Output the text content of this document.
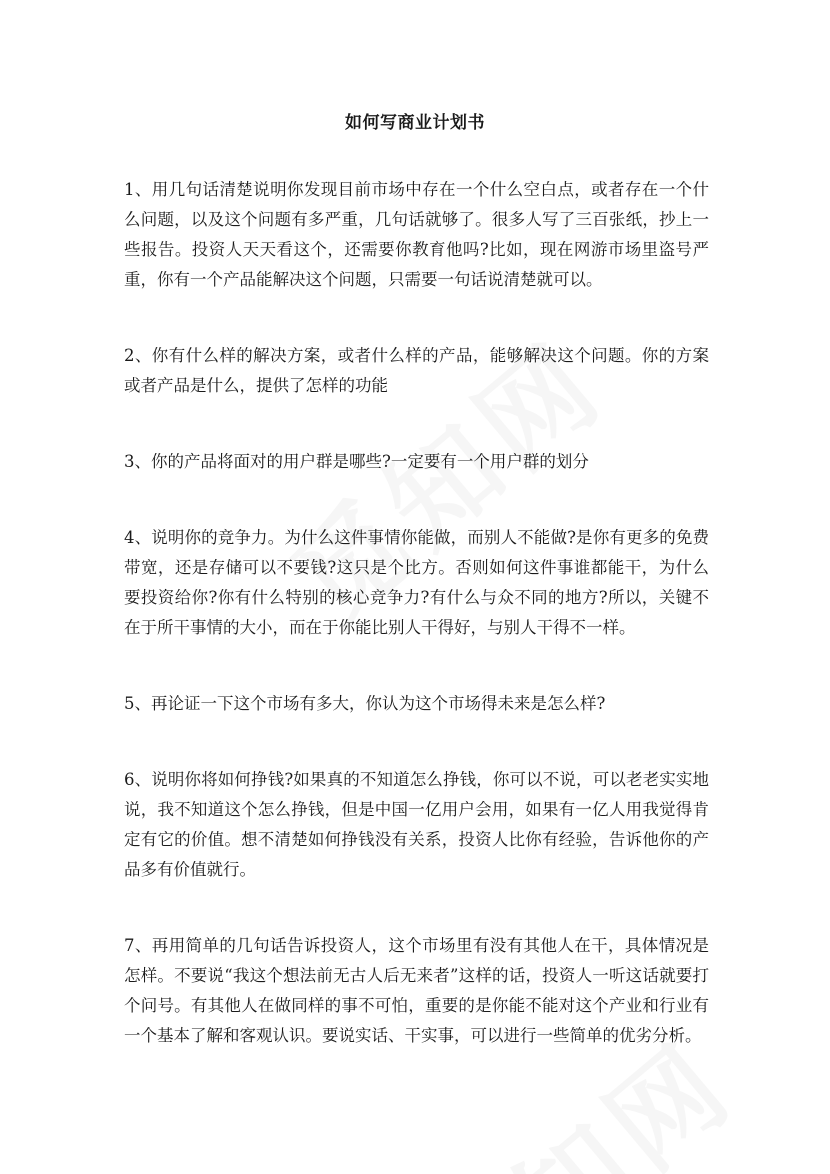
如何写商业计划书

1、用几句话清楚说明你发现目前市场中存在一个什么空白点，或者存在一个什么问题，以及这个问题有多严重，几句话就够了。很多人写了三百张纸，抄上一些报告。投资人天天看这个，还需要你教育他吗?比如，现在网游市场里盗号严重，你有一个产品能解决这个问题，只需要一句话说清楚就可以。

2、你有什么样的解决方案，或者什么样的产品，能够解决这个问题。你的方案或者产品是什么，提供了怎样的功能

3、你的产品将面对的用户群是哪些?一定要有一个用户群的划分

4、说明你的竞争力。为什么这件事情你能做，而别人不能做?是你有更多的免费带宽，还是存储可以不要钱?这只是个比方。否则如何这件事谁都能干，为什么要投资给你?你有什么特别的核心竞争力?有什么与众不同的地方?所以，关键不在于所干事情的大小，而在于你能比别人干得好，与别人干得不一样。

5、再论证一下这个市场有多大，你认为这个市场得未来是怎么样?

6、说明你将如何挣钱?如果真的不知道怎么挣钱，你可以不说，可以老老实实地说，我不知道这个怎么挣钱，但是中国一亿用户会用，如果有一亿人用我觉得肯定有它的价值。想不清楚如何挣钱没有关系，投资人比你有经验，告诉他你的产品多有价值就行。

7、再用简单的几句话告诉投资人，这个市场里有没有其他人在干，具体情况是怎样。不要说“我这个想法前无古人后无来者”这样的话，投资人一听这话就要打个问号。有其他人在做同样的事不可怕，重要的是你能不能对这个产业和行业有一个基本了解和客观认识。要说实话、干实事，可以进行一些简单的优劣分析。
